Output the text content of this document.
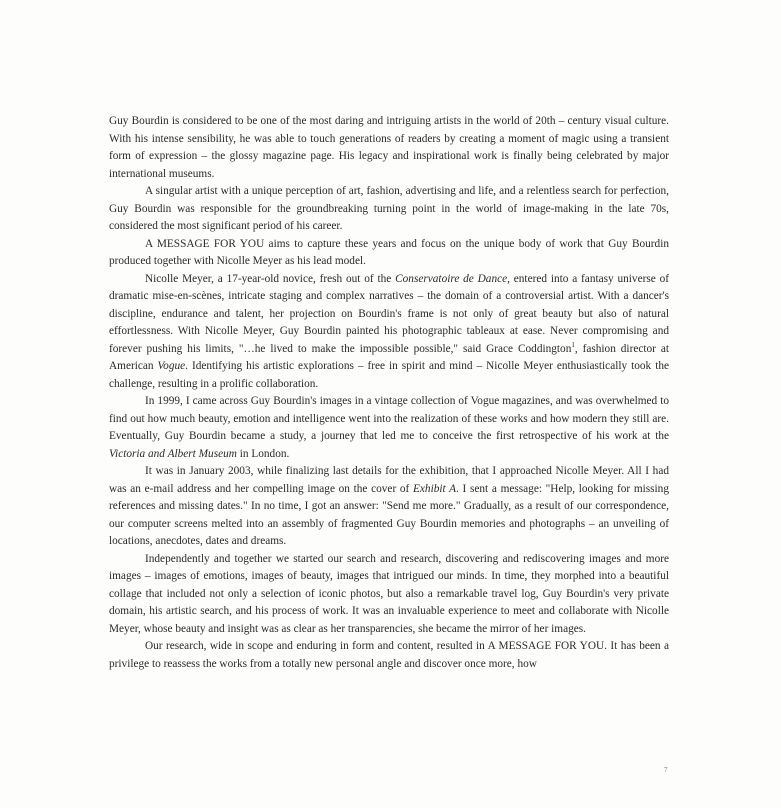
Guy Bourdin is considered to be one of the most daring and intriguing artists in the world of 20th – century visual culture. With his intense sensibility, he was able to touch generations of readers by creating a moment of magic using a transient form of expression – the glossy magazine page. His legacy and inspirational work is finally being celebrated by major international museums.

A singular artist with a unique perception of art, fashion, advertising and life, and a relentless search for perfection, Guy Bourdin was responsible for the groundbreaking turning point in the world of image-making in the late 70s, considered the most significant period of his career.

A MESSAGE FOR YOU aims to capture these years and focus on the unique body of work that Guy Bourdin produced together with Nicolle Meyer as his lead model.

Nicolle Meyer, a 17-year-old novice, fresh out of the Conservatoire de Dance, entered into a fantasy universe of dramatic mise-en-scènes, intricate staging and complex narratives – the domain of a controversial artist. With a dancer's discipline, endurance and talent, her projection on Bourdin's frame is not only of great beauty but also of natural effortlessness. With Nicolle Meyer, Guy Bourdin painted his photographic tableaux at ease. Never compromising and forever pushing his limits, "…he lived to make the impossible possible," said Grace Coddington$^1$, fashion director at American Vogue. Identifying his artistic explorations – free in spirit and mind – Nicolle Meyer enthusiastically took the challenge, resulting in a prolific collaboration.

In 1999, I came across Guy Bourdin's images in a vintage collection of Vogue magazines, and was overwhelmed to find out how much beauty, emotion and intelligence went into the realization of these works and how modern they still are. Eventually, Guy Bourdin became a study, a journey that led me to conceive the first retrospective of his work at the Victoria and Albert Museum in London.

It was in January 2003, while finalizing last details for the exhibition, that I approached Nicolle Meyer. All I had was an e-mail address and her compelling image on the cover of Exhibit A. I sent a message: "Help, looking for missing references and missing dates." In no time, I got an answer: "Send me more." Gradually, as a result of our correspondence, our computer screens melted into an assembly of fragmented Guy Bourdin memories and photographs – an unveiling of locations, anecdotes, dates and dreams.

Independently and together we started our search and research, discovering and rediscovering images and more images – images of emotions, images of beauty, images that intrigued our minds. In time, they morphed into a beautiful collage that included not only a selection of iconic photos, but also a remarkable travel log, Guy Bourdin's very private domain, his artistic search, and his process of work. It was an invaluable experience to meet and collaborate with Nicolle Meyer, whose beauty and insight was as clear as her transparencies, she became the mirror of her images.

Our research, wide in scope and enduring in form and content, resulted in A MESSAGE FOR YOU. It has been a privilege to reassess the works from a totally new personal angle and discover once more, how

7
